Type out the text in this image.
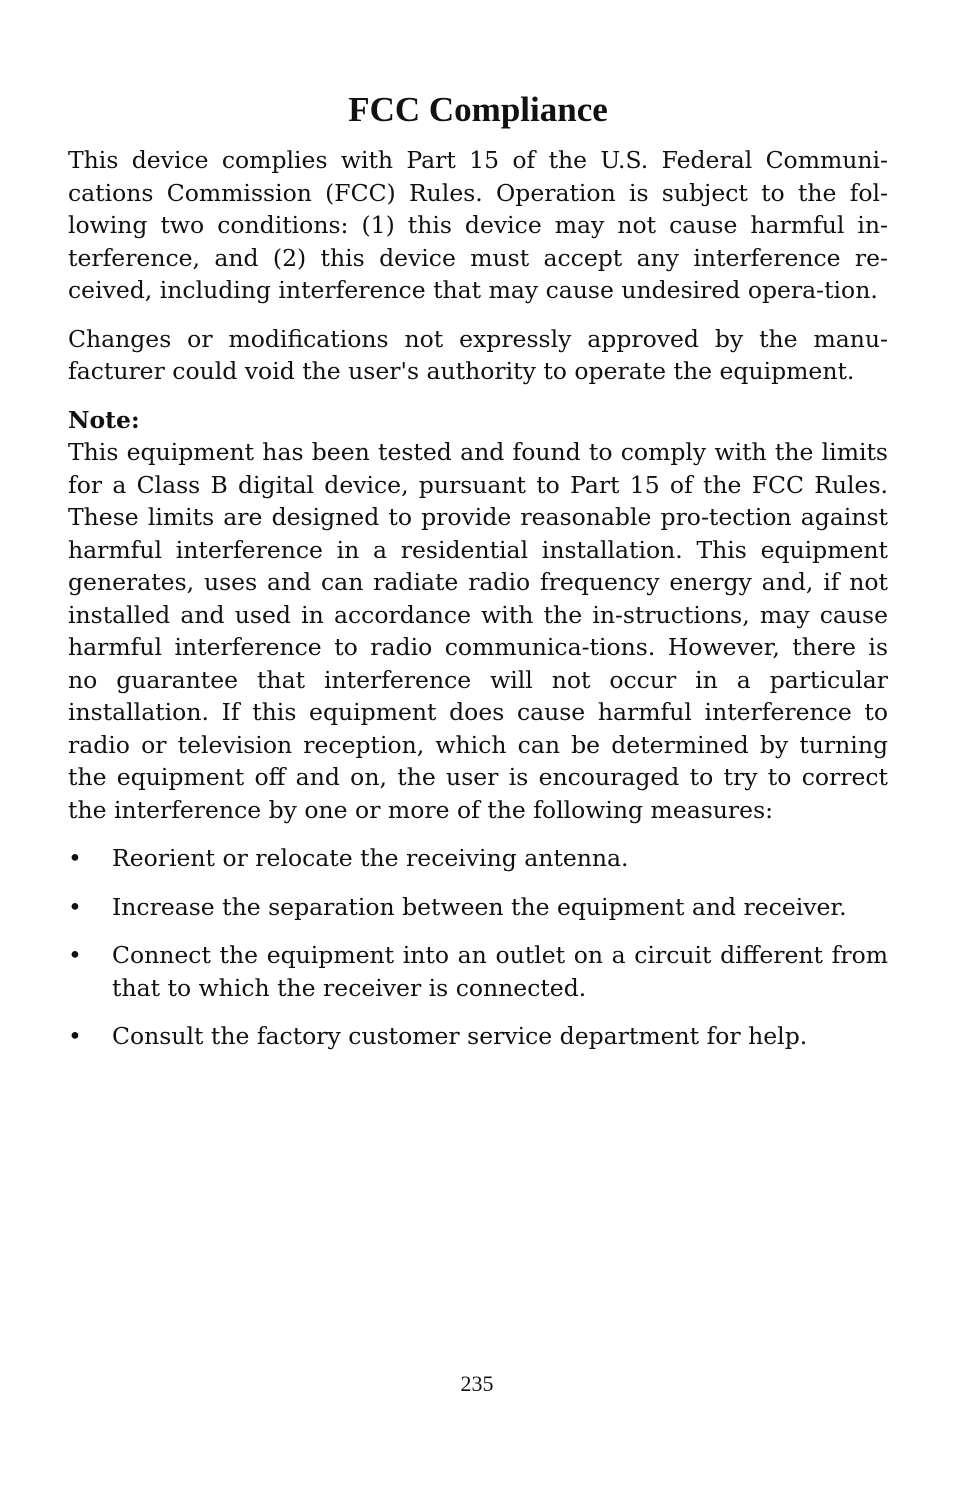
FCC Compliance

This device complies with Part 15 of the U.S. Federal Communi-cations Commission (FCC) Rules. Operation is subject to the fol-lowing two conditions: (1) this device may not cause harmful in-terference, and (2) this device must accept any interference re-ceived, including interference that may cause undesired opera-tion.

Changes or modifications not expressly approved by the manu-facturer could void the user's authority to operate the equipment.

Note:

This equipment has been tested and found to comply with the limits for a Class B digital device, pursuant to Part 15 of the FCC Rules. These limits are designed to provide reasonable pro-tection against harmful interference in a residential installation. This equipment generates, uses and can radiate radio frequency energy and, if not installed and used in accordance with the in-structions, may cause harmful interference to radio communica-tions. However, there is no guarantee that interference will not occur in a particular installation. If this equipment does cause harmful interference to radio or television reception, which can be determined by turning the equipment off and on, the user is encouraged to try to correct the interference by one or more of the following measures:

• Reorient or relocate the receiving antenna.
• Increase the separation between the equipment and receiver.
• Connect the equipment into an outlet on a circuit different from that to which the receiver is connected.
• Consult the factory customer service department for help.
235
